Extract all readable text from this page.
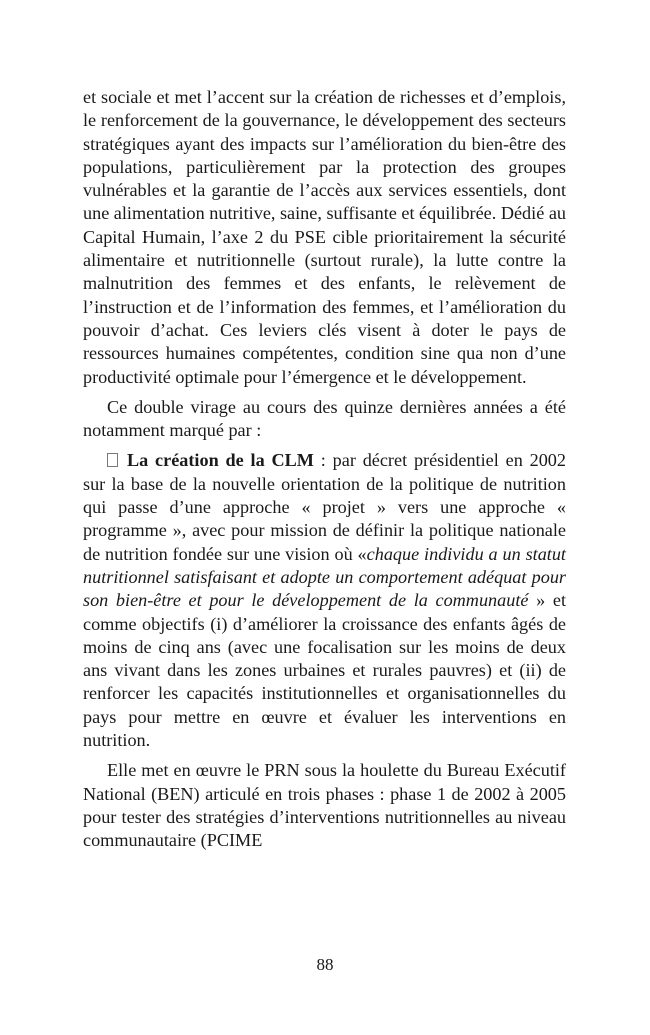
et sociale et met l’accent sur la création de richesses et d’emplois, le renforcement de la gouvernance, le développement des secteurs stratégiques ayant des impacts sur l’amélioration du bien-être des populations, particulièrement par la protection des groupes vulnérables et la garantie de l’accès aux services essentiels, dont une alimentation nutritive, saine, suffisante et équilibrée. Dédié au Capital Humain, l’axe 2 du PSE cible prioritairement la sécurité alimentaire et nutritionnelle (surtout rurale), la lutte contre la malnutrition des femmes et des enfants, le relèvement de l’instruction et de l’information des femmes, et l’amélioration du pouvoir d’achat. Ces leviers clés visent à doter le pays de ressources humaines compétentes, condition sine qua non d’une productivité optimale pour l’émergence et le développement.

Ce double virage au cours des quinze dernières années a été notamment marqué par :

La création de la CLM : par décret présidentiel en 2002 sur la base de la nouvelle orientation de la politique de nutrition qui passe d’une approche « projet » vers une approche « programme », avec pour mission de définir la politique nationale de nutrition fondée sur une vision où «chaque individu a un statut nutritionnel satisfaisant et adopte un comportement adéquat pour son bien-être et pour le développement de la communauté » et comme objectifs (i) d’améliorer la croissance des enfants âgés de moins de cinq ans (avec une focalisation sur les moins de deux ans vivant dans les zones urbaines et rurales pauvres) et (ii) de renforcer les capacités institutionnelles et organisationnelles du pays pour mettre en œuvre et évaluer les interventions en nutrition.

Elle met en œuvre le PRN sous la houlette du Bureau Exécutif National (BEN) articulé en trois phases : phase 1 de 2002 à 2005 pour tester des stratégies d’interventions nutritionnelles au niveau communautaire (PCIME

88
